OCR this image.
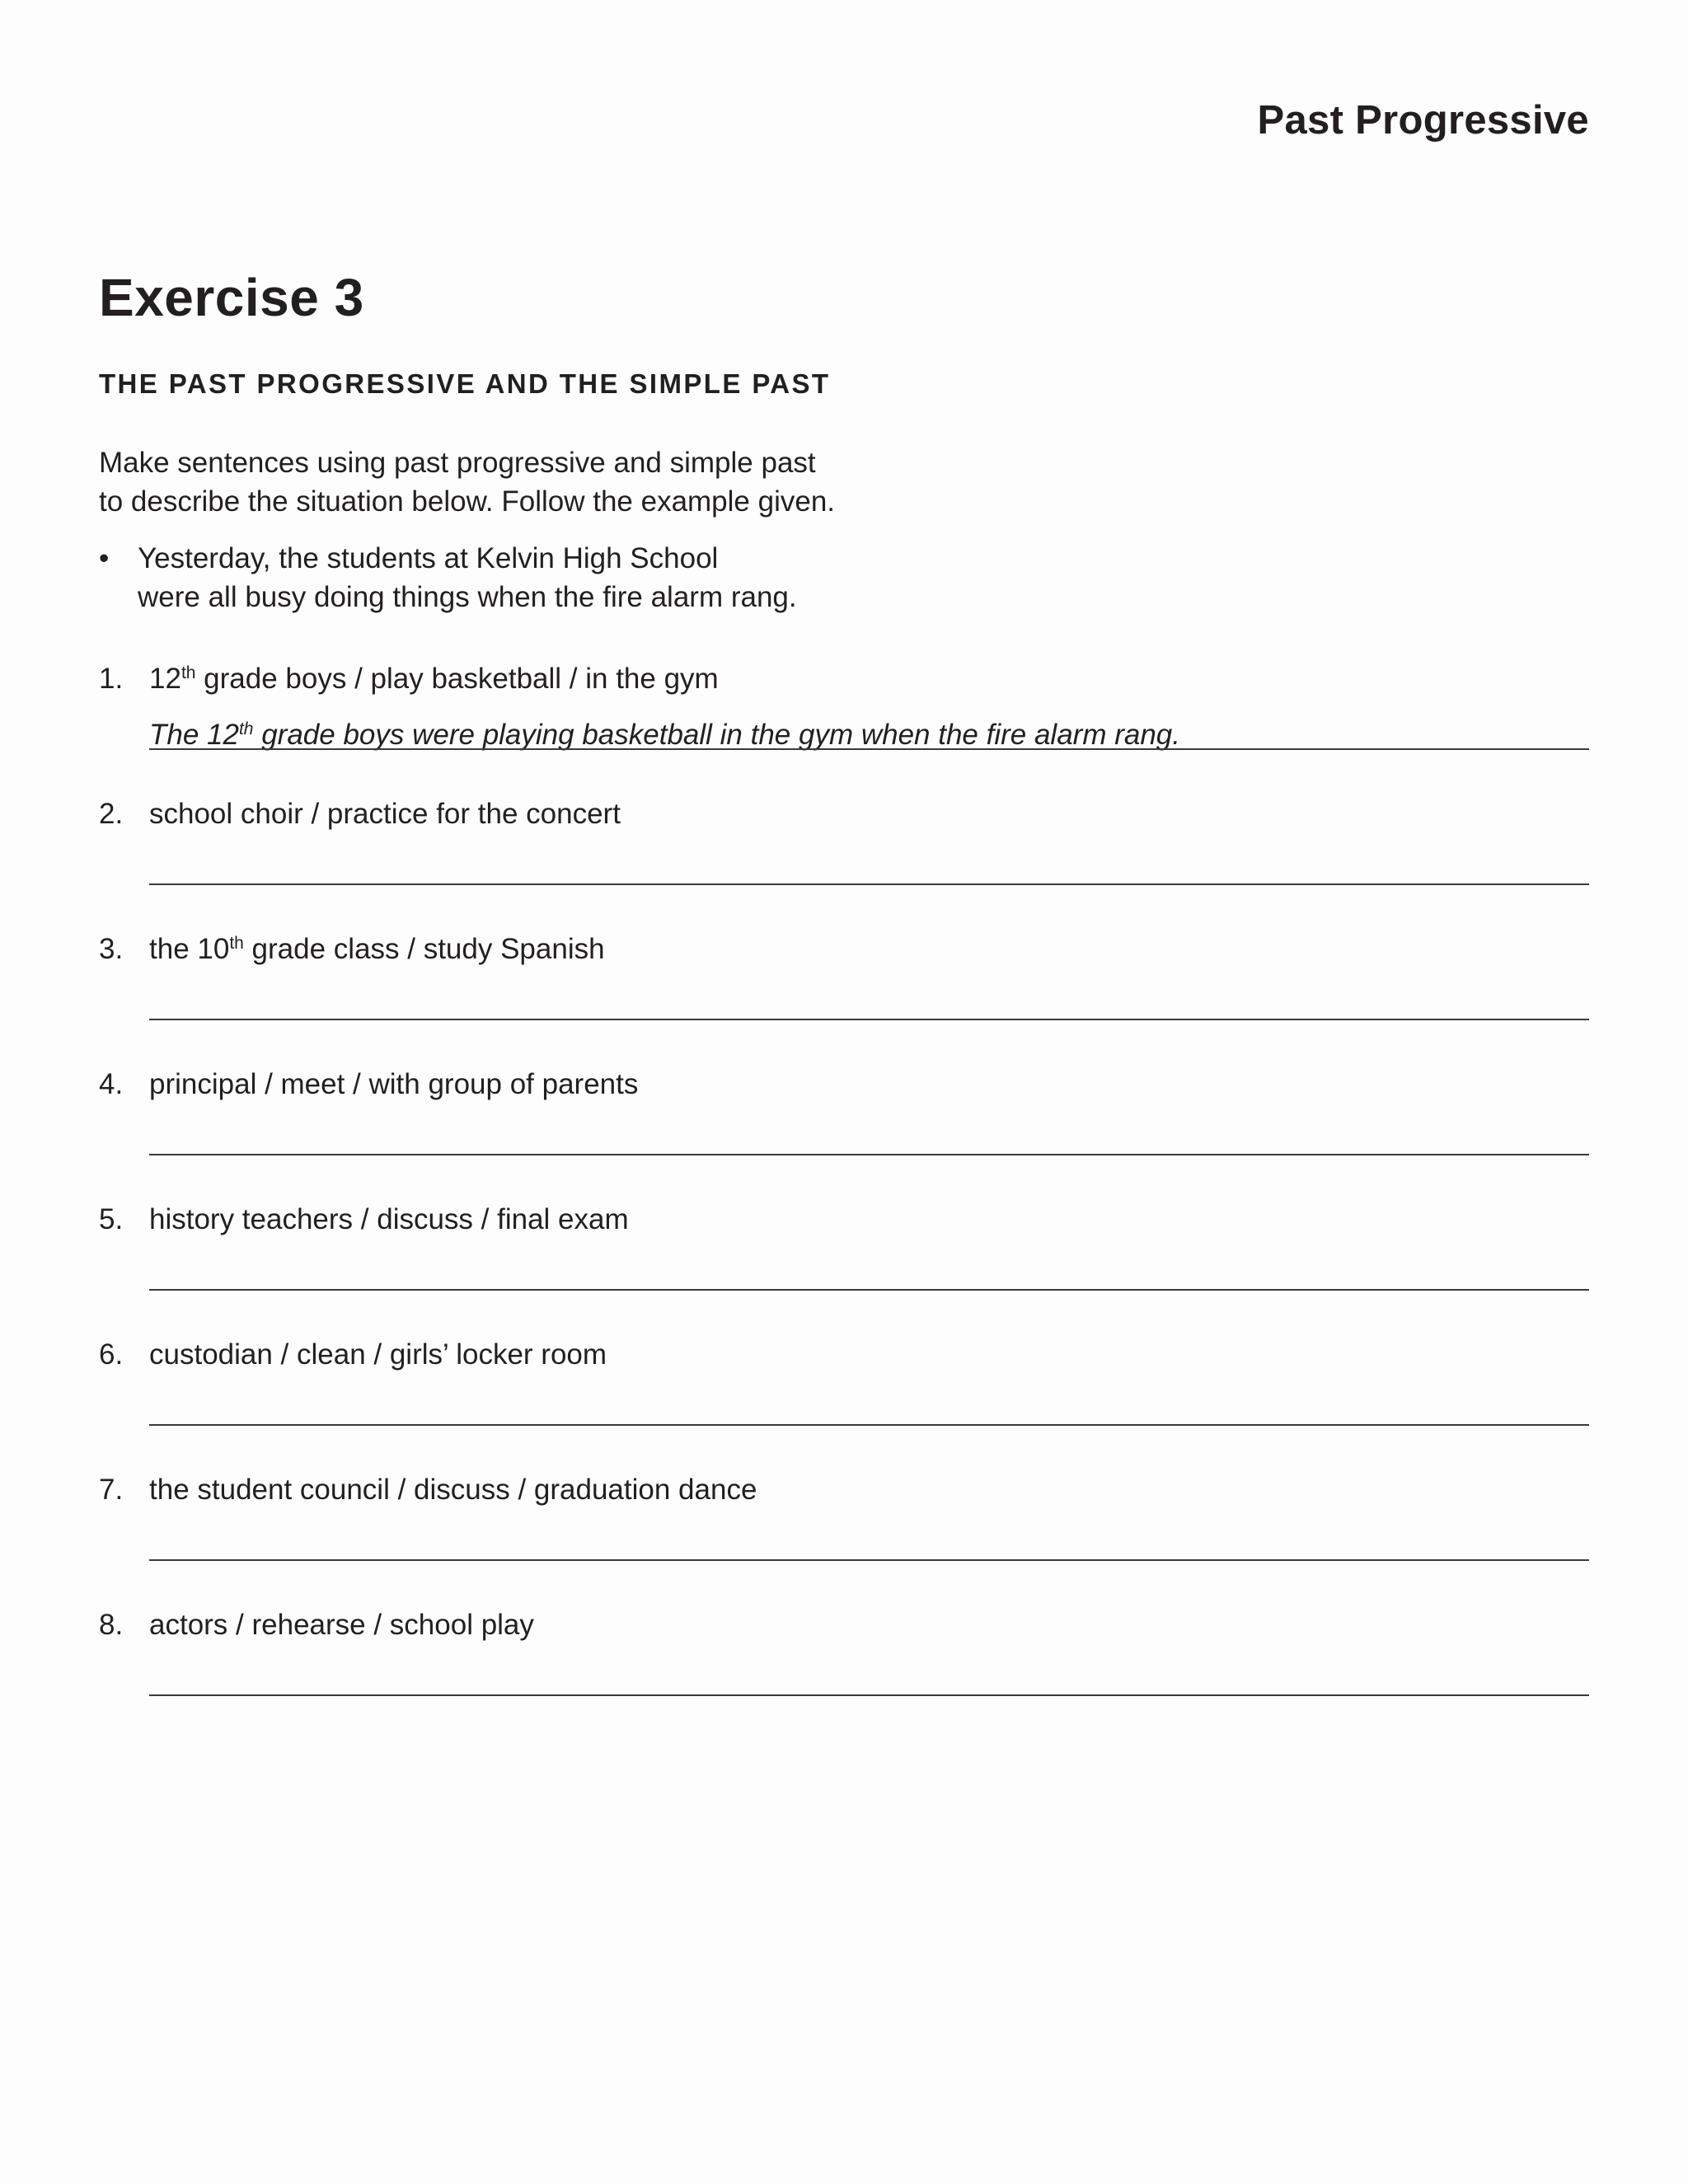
Past Progressive
Exercise 3
THE PAST PROGRESSIVE AND THE SIMPLE PAST

Make sentences using past progressive and simple past

to describe the situation below. Follow the example given.

• Yesterday, the students at Kelvin High School
were all busy doing things when the fire alarm rang.
1. 12th grade boys / play basketball / in the gym
The 12th grade boys were playing basketball in the gym when the fire alarm rang.
2. school choir / practice for the concert
3. the 10th grade class / study Spanish
4. principal / meet / with group of parents
5. history teachers / discuss / final exam
6. custodian / clean / girls’ locker room
7. the student council / discuss / graduation dance
8. actors / rehearse / school play
